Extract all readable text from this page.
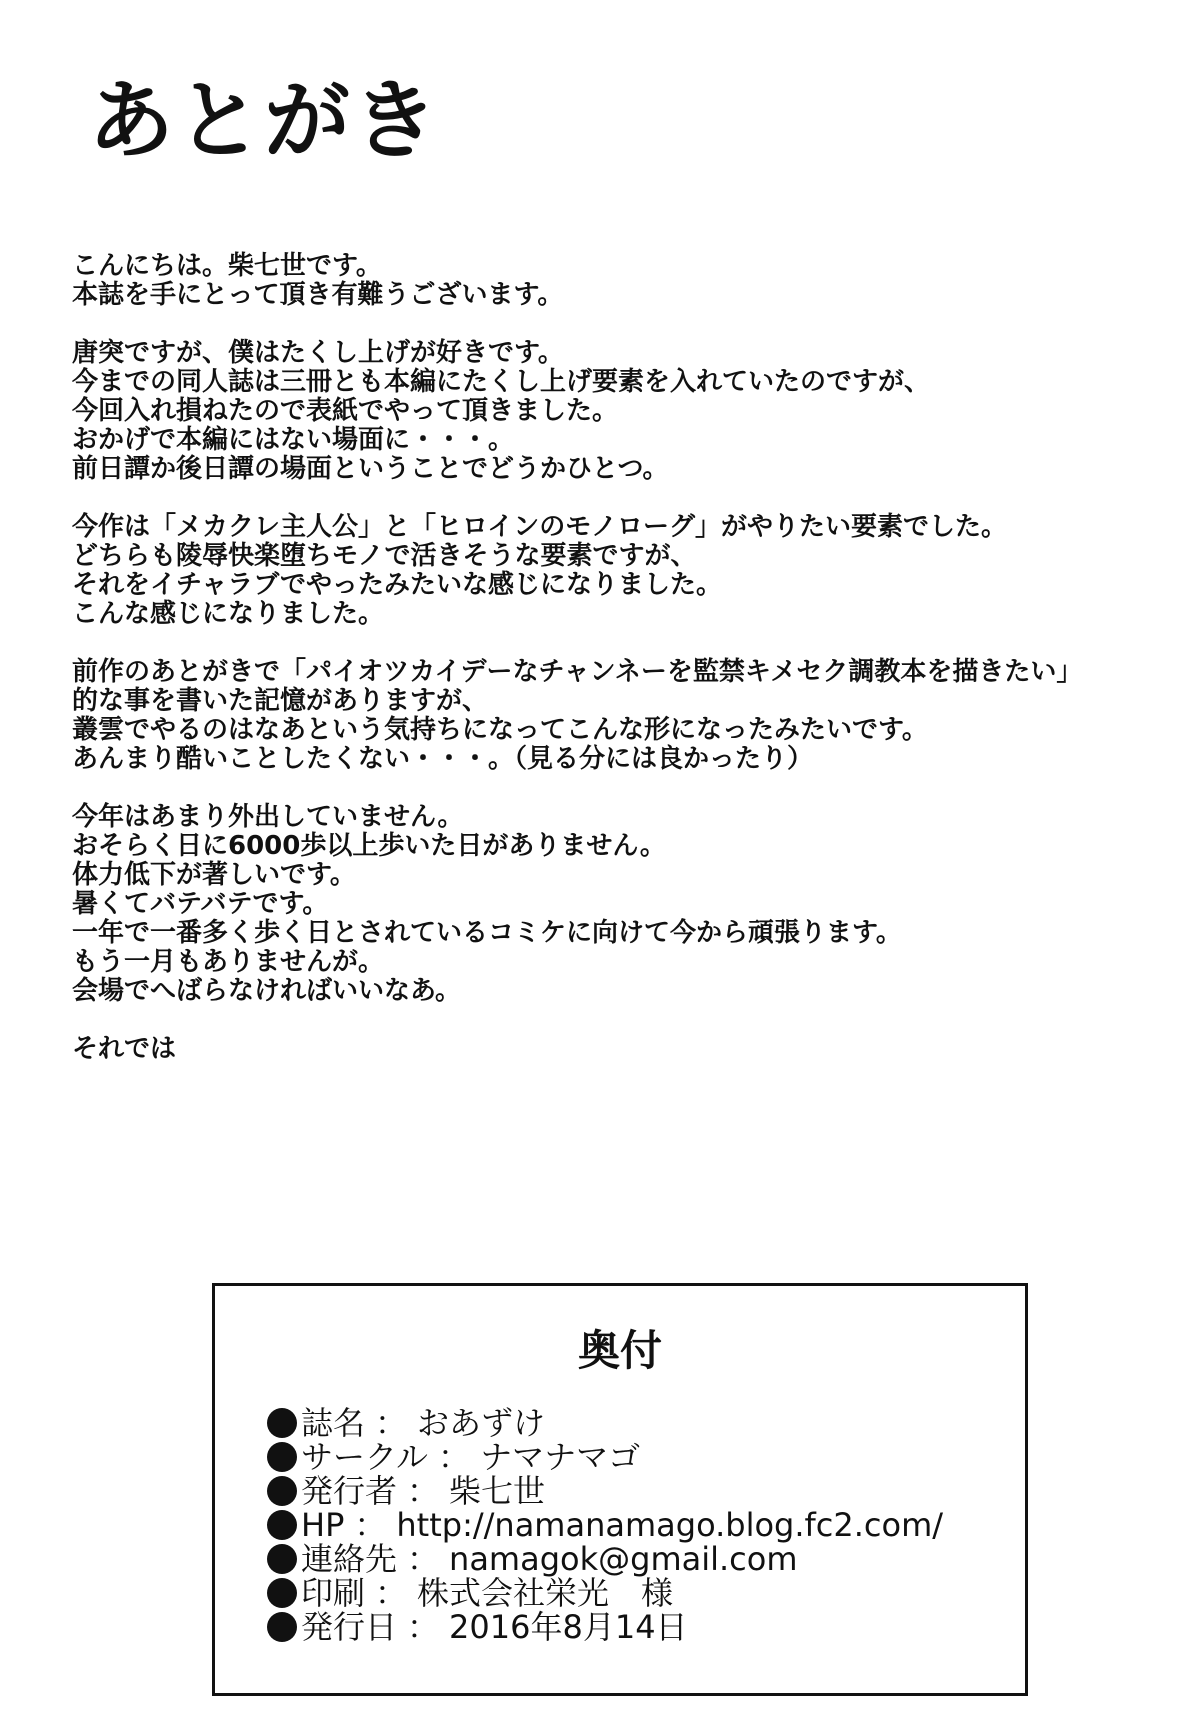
あとがき
こんにちは。柴七世です。
本誌を手にとって頂き有難うございます。
唐突ですが、僕はたくし上げが好きです。
今までの同人誌は三冊とも本編にたくし上げ要素を入れていたのですが、
今回入れ損ねたので表紙でやって頂きました。
おかげで本編にはない場面に・・・。
前日譚か後日譚の場面ということでどうかひとつ。
今作は「メカクレ主人公」と「ヒロインのモノローグ」がやりたい要素でした。
どちらも陵辱快楽堕ちモノで活きそうな要素ですが、
それをイチャラブでやったみたいな感じになりました。
こんな感じになりました。
前作のあとがきで「パイオツカイデーなチャンネーを監禁キメセク調教本を描きたい」
的な事を書いた記憶がありますが、
叢雲でやるのはなあという気持ちになってこんな形になったみたいです。
あんまり酷いことしたくない・・・。（見る分には良かったり）
今年はあまり外出していません。
おそらく日に6000歩以上歩いた日がありません。
体力低下が著しいです。
暑くてバテバテです。
一年で一番多く歩く日とされているコミケに向けて今から頑張ります。
もう一月もありませんが。
会場でへばらなければいいなあ。

それでは

奥付
誌名 ： おあずけ
サークル ： ナマナマゴ
発行者 ： 柴七世
HP ： http://namanamago.blog.fc2.com/
連絡先 ： namagok@gmail.com
印刷 ： 株式会社栄光　様
発行日 ： 2016年8月14日
